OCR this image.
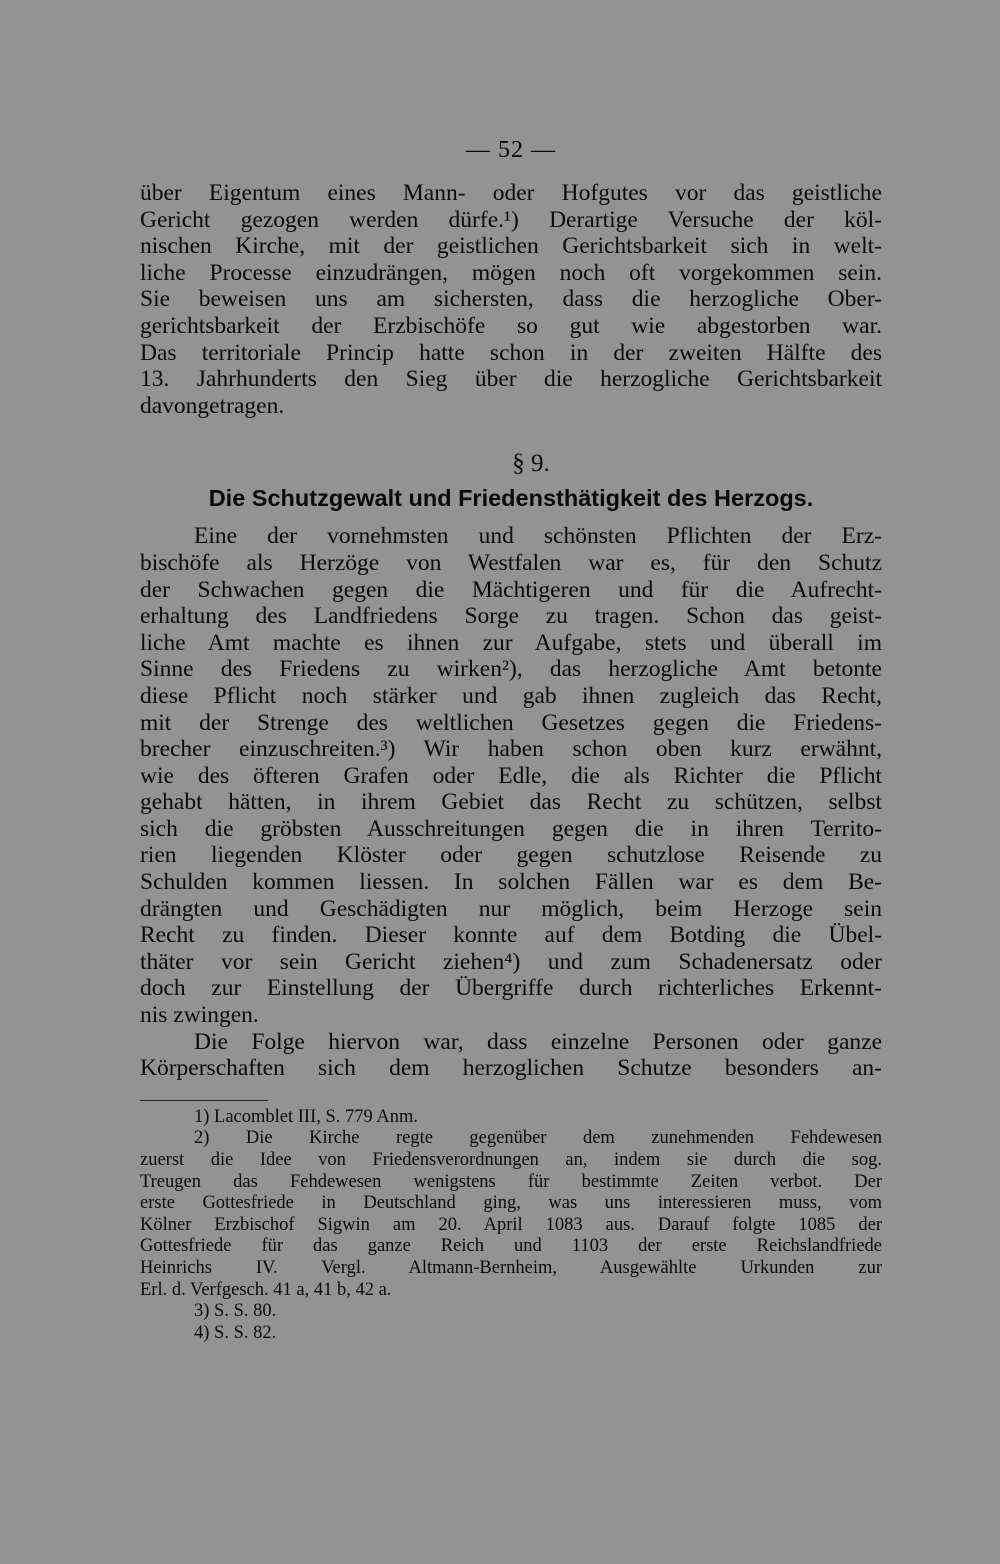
— 52 —
über Eigentum eines Mann- oder Hofgutes vor das geistliche
Gericht gezogen werden dürfe.¹) Derartige Versuche der köl-
nischen Kirche, mit der geistlichen Gerichtsbarkeit sich in welt-
liche Processe einzudrängen, mögen noch oft vorgekommen sein.
Sie beweisen uns am sichersten, dass die herzogliche Ober-
gerichtsbarkeit der Erzbischöfe so gut wie abgestorben war.
Das territoriale Princip hatte schon in der zweiten Hälfte des
13. Jahrhunderts den Sieg über die herzogliche Gerichtsbarkeit
davongetragen.
§ 9.
Die Schutzgewalt und Friedensthätigkeit des Herzogs.
Eine der vornehmsten und schönsten Pflichten der Erz-
bischöfe als Herzöge von Westfalen war es, für den Schutz
der Schwachen gegen die Mächtigeren und für die Aufrecht-
erhaltung des Landfriedens Sorge zu tragen. Schon das geist-
liche Amt machte es ihnen zur Aufgabe, stets und überall im
Sinne des Friedens zu wirken²), das herzogliche Amt betonte
diese Pflicht noch stärker und gab ihnen zugleich das Recht,
mit der Strenge des weltlichen Gesetzes gegen die Friedens-
brecher einzuschreiten.³) Wir haben schon oben kurz erwähnt,
wie des öfteren Grafen oder Edle, die als Richter die Pflicht
gehabt hätten, in ihrem Gebiet das Recht zu schützen, selbst
sich die gröbsten Ausschreitungen gegen die in ihren Territo-
rien liegenden Klöster oder gegen schutzlose Reisende zu
Schulden kommen liessen. In solchen Fällen war es dem Be-
drängten und Geschädigten nur möglich, beim Herzoge sein
Recht zu finden. Dieser konnte auf dem Botding die Übel-
thäter vor sein Gericht ziehen⁴) und zum Schadenersatz oder
doch zur Einstellung der Übergriffe durch richterliches Erkennt-
nis zwingen.
Die Folge hiervon war, dass einzelne Personen oder ganze
Körperschaften sich dem herzoglichen Schutze besonders an-
1) Lacomblet III, S. 779 Anm.
2) Die Kirche regte gegenüber dem zunehmenden Fehdewesen
zuerst die Idee von Friedensverordnungen an, indem sie durch die sog.
Treugen das Fehdewesen wenigstens für bestimmte Zeiten verbot. Der
erste Gottesfriede in Deutschland ging, was uns interessieren muss, vom
Kölner Erzbischof Sigwin am 20. April 1083 aus. Darauf folgte 1085 der
Gottesfriede für das ganze Reich und 1103 der erste Reichslandfriede
Heinrichs IV. Vergl. Altmann-Bernheim, Ausgewählte Urkunden zur
Erl. d. Verfgesch. 41 a, 41 b, 42 a.
3) S. S. 80.
4) S. S. 82.
